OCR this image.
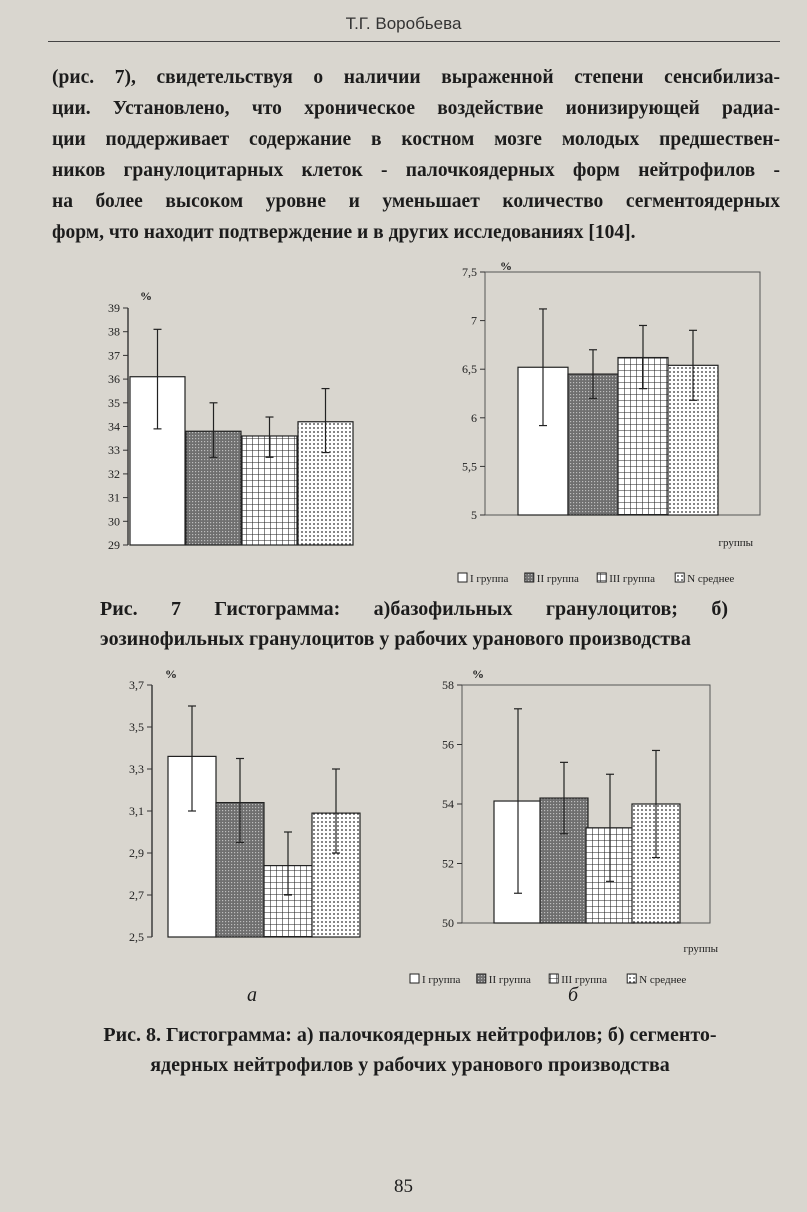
Т.Г. Воробьева
(рис. 7), свидетельствуя о наличии выраженной степени сенсибилиза-
ции. Установлено, что хроническое воздействие ионизирующей радиа-
ции поддерживает содержание в костном мозге молодых предшествен-
ников гранулоцитарных клеток - палочкоядерных форм нейтрофилов -
на более высоком уровне и уменьшает количество сегментоядерных
форм, что находит подтверждение и в других исследованиях [104].
29
30
31
32
33
34
35
36
37
38
39
%
5
5,5
6
6,5
7
7,5 %
группы
I группа	II группа	III группа	N среднее
Рис. 7 Гистограмма: а)базофильных гранулоцитов; б) эозинофильных гранулоцитов у рабочих уранового производства
2,5
2,7
2,9
3,1
3,3
3,5
3,7
%
50
52
54
56
58
%
группы
I группа	II группа	III группа	N среднее
а	б
Рис. 8. Гистограмма: а) палочкоядерных нейтрофилов; б) сегменто-ядерных нейтрофилов у рабочих уранового производства
85
